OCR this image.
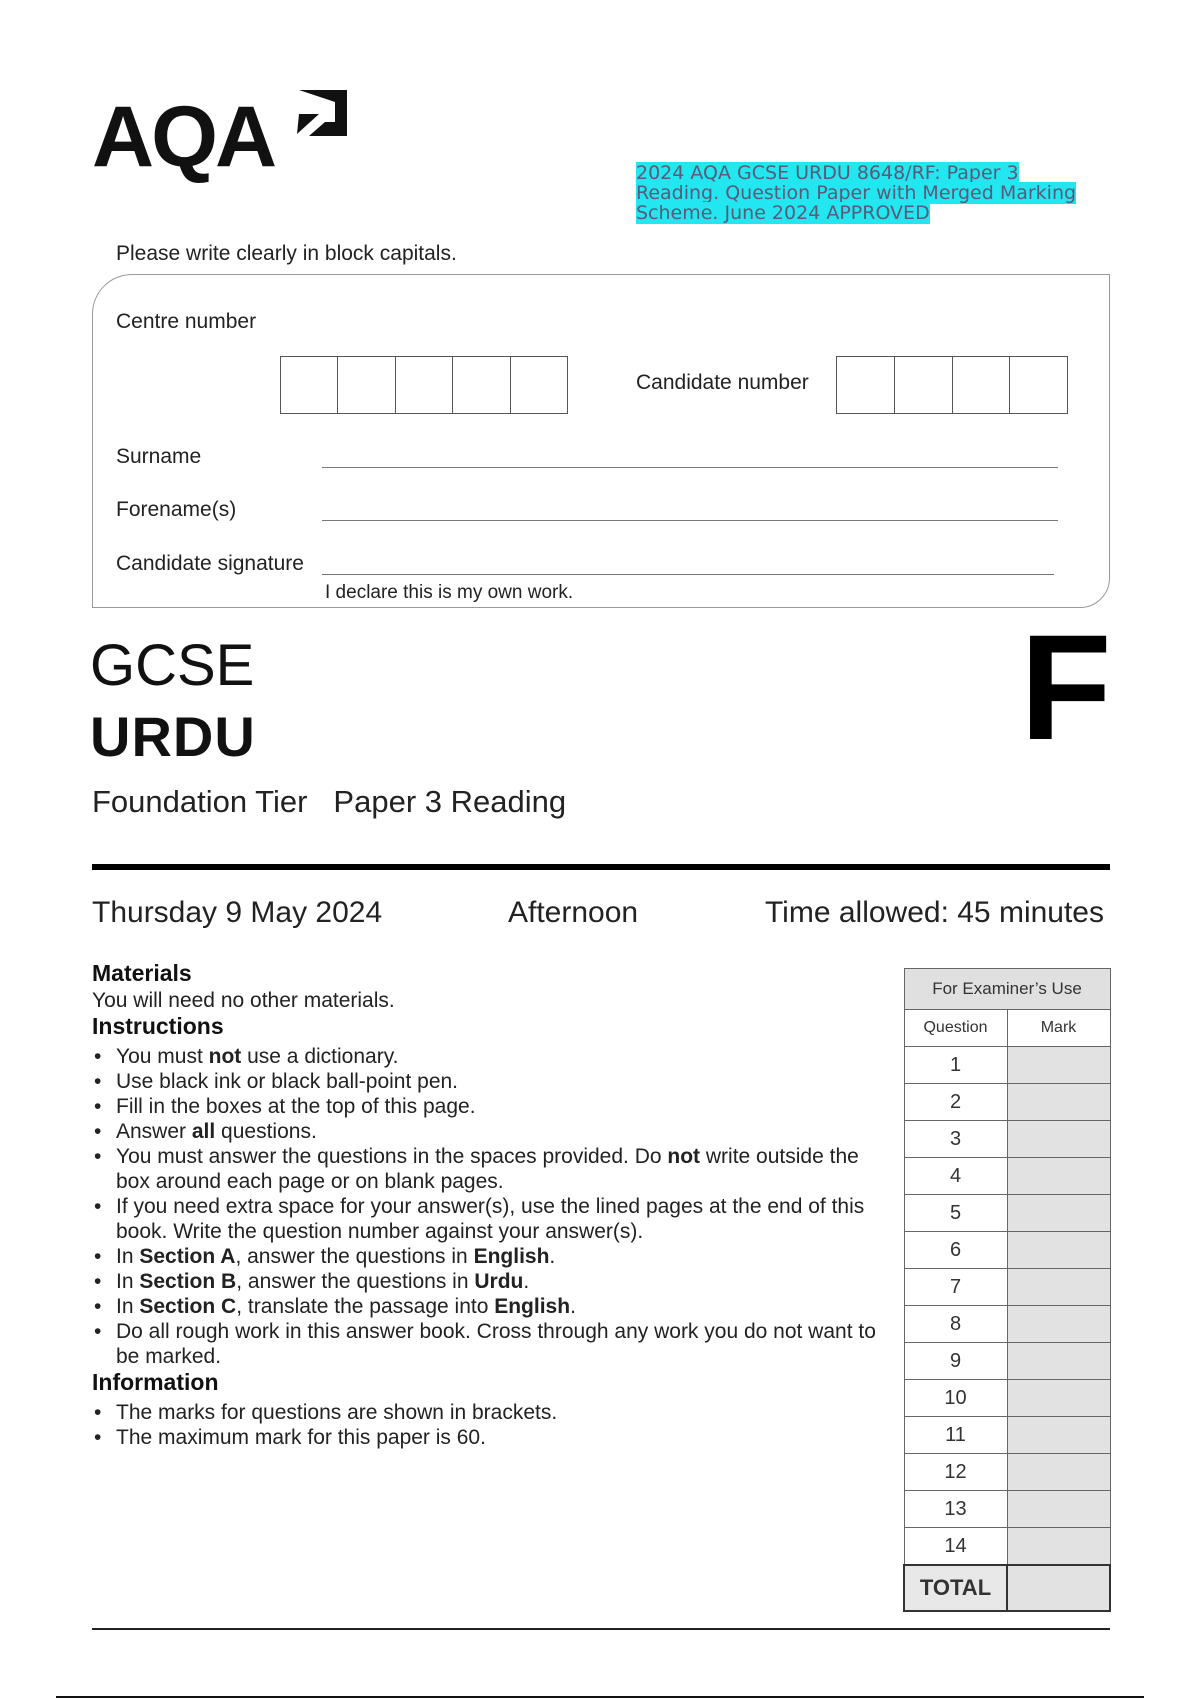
AQA	2024 AQA GCSE URDU 8648/RF: Paper 3 Reading. Question Paper with Merged Marking Scheme. June 2024 APPROVED
Please write clearly in block capitals.
Centre number
Candidate number
Surname
Forename(s)
Candidate signature
I declare this is my own work.
GCSE
URDU
Foundation Tier Paper 3 Reading
F
Thursday 9 May 2024	Afternoon	Time allowed: 45 minutes
Materials

You will need no other materials.

Instructions
• You must not use a dictionary.
• Use black ink or black ball-point pen.
• Fill in the boxes at the top of this page.
• Answer all questions.
• You must answer the questions in the spaces provided. Do not write outside the box around each page or on blank pages.
• If you need extra space for your answer(s), use the lined pages at the end of this book. Write the question number against your answer(s).
• In Section A, answer the questions in English.
• In Section B, answer the questions in Urdu.
• In Section C, translate the passage into English.
• Do all rough work in this answer book. Cross through any work you do not want to be marked.
Information
• The marks for questions are shown in brackets.
• The maximum mark for this paper is 60.
For Examiner’s Use	
Question	Mark
1	
2	
3	
4	
5	
6	
7	
8	
9	
10	
11	
12	
13	
14	
TOTAL	
